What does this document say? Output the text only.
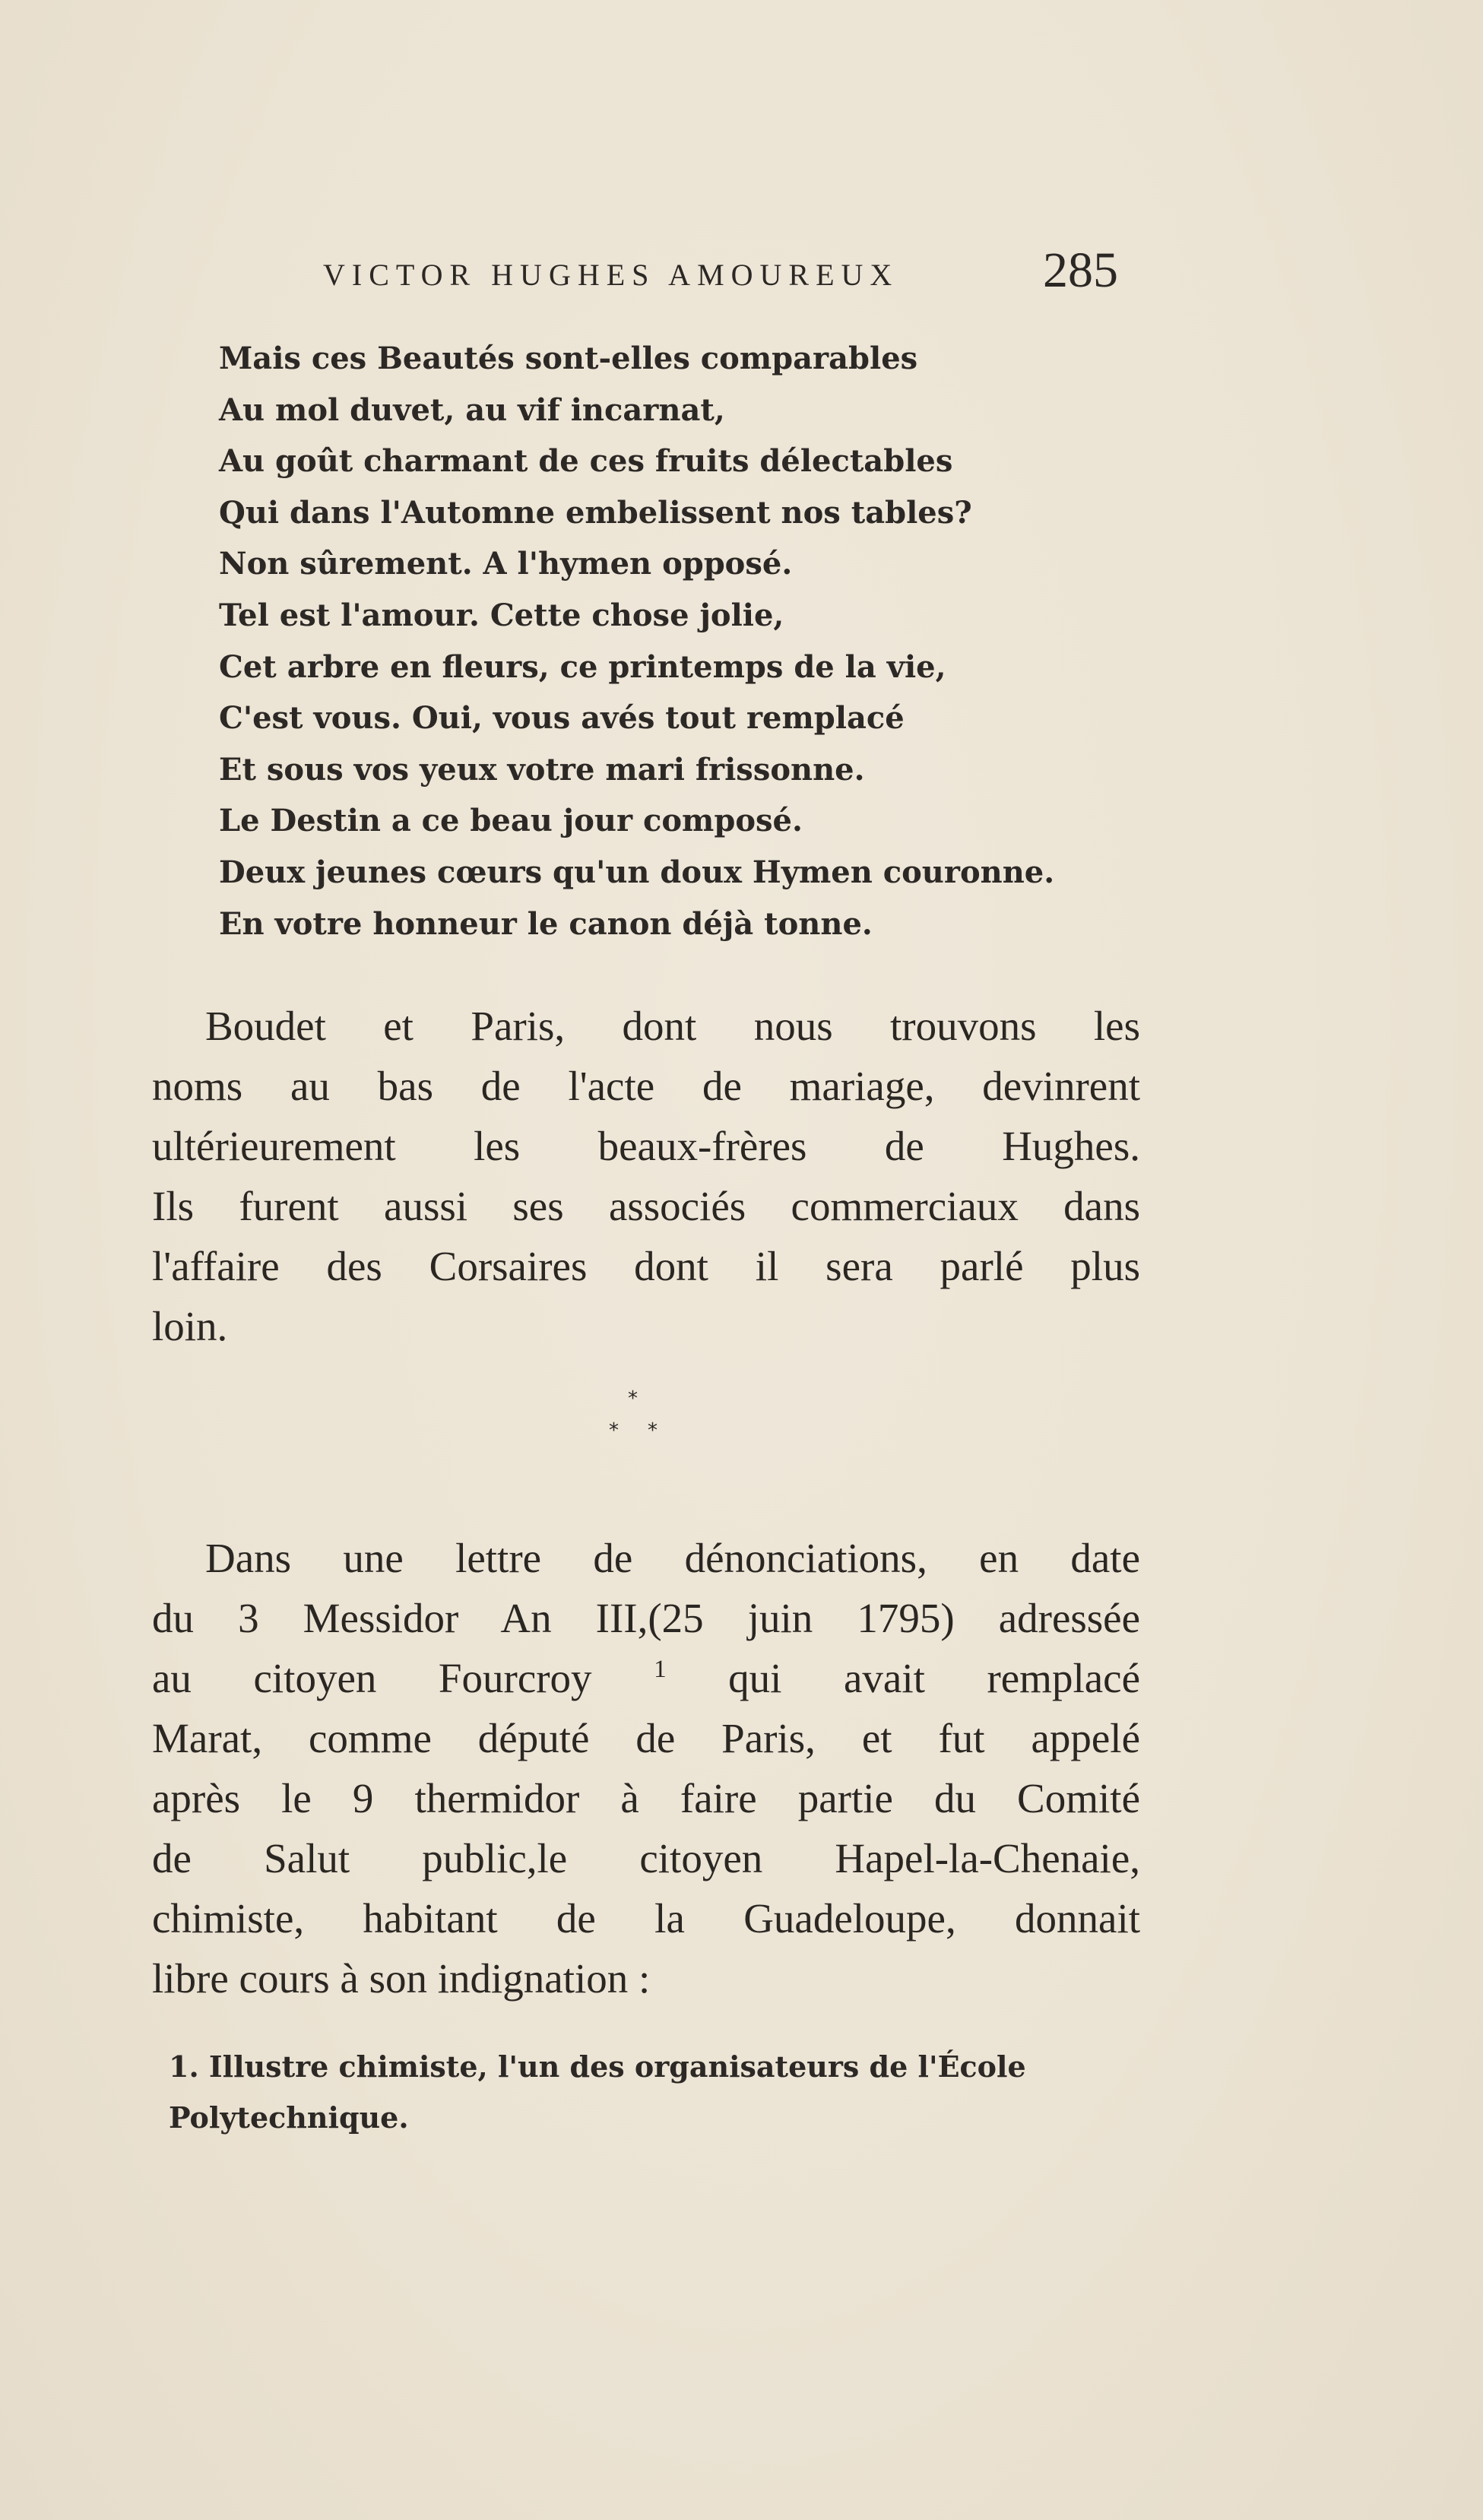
VICTOR HUGHES AMOUREUX	285
Mais ces Beautés sont-elles comparables
Au mol duvet, au vif incarnat,
Au goût charmant de ces fruits délectables
Qui dans l'Automne embelissent nos tables?
Non sûrement. A l'hymen opposé.
Tel est l'amour. Cette chose jolie,
Cet arbre en fleurs, ce printemps de la vie,
C'est vous. Oui, vous avés tout remplacé
Et sous vos yeux votre mari frissonne.
Le Destin a ce beau jour composé.
Deux jeunes cœurs qu'un doux Hymen couronne.
En votre honneur le canon déjà tonne.
Boudet et Paris, dont nous trouvons les
noms au bas de l'acte de mariage, devinrent
ultérieurement les beaux-frères de Hughes.
Ils furent aussi ses associés commerciaux dans
l'affaire des Corsaires dont il sera parlé plus
loin.
*
* *
Dans une lettre de dénonciations, en date
du 3 Messidor An III,(25 juin 1795) adressée
au citoyen Fourcroy $^1$ qui avait remplacé
Marat, comme député de Paris, et fut appelé
après le 9 thermidor à faire partie du Comité
de Salut public,le citoyen Hapel-la-Chenaie,
chimiste, habitant de la Guadeloupe, donnait
libre cours à son indignation :
1. Illustre chimiste, l'un des organisateurs de l'École
Polytechnique.
